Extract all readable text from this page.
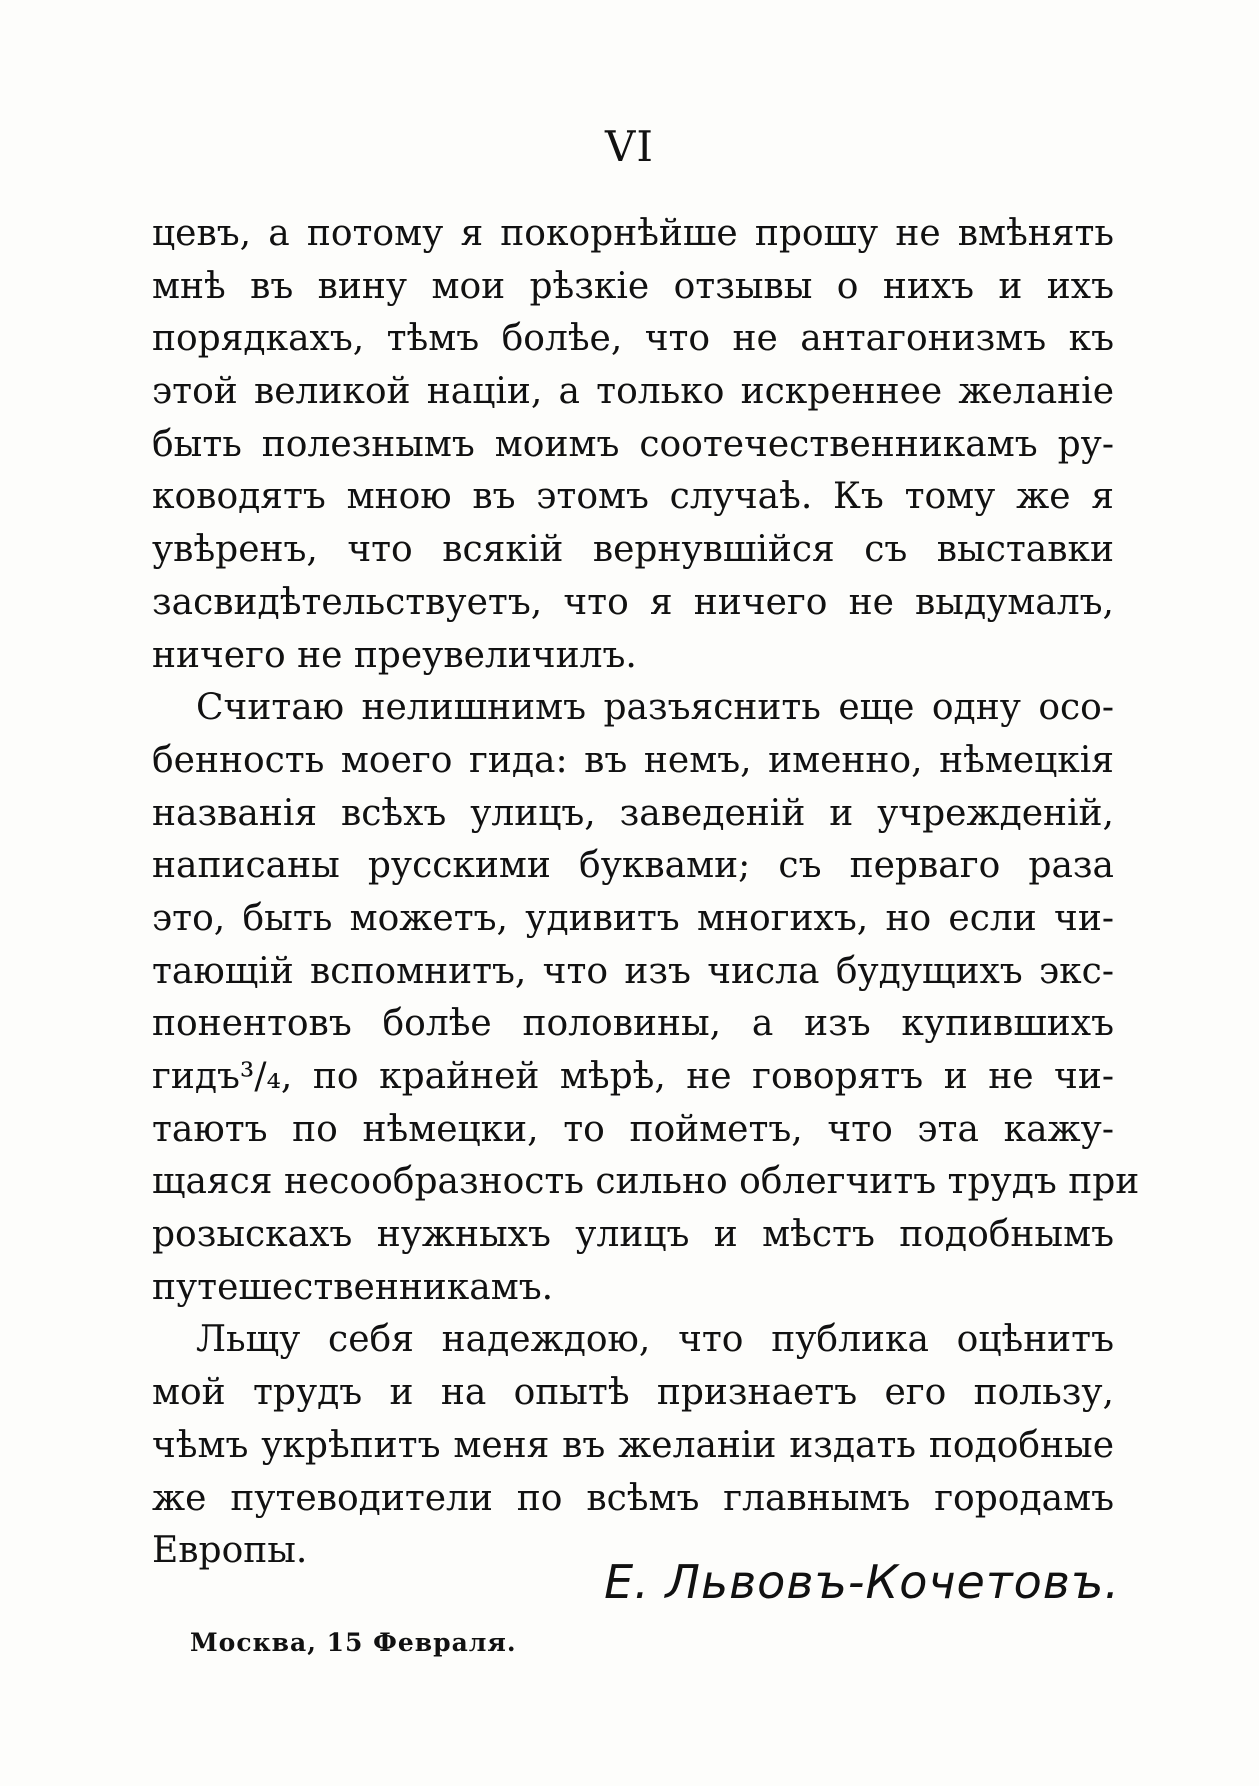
VI
цевъ, а потому я покорнѣйше прошу не вмѣнять
мнѣ въ вину мои рѣзкіе отзывы о нихъ и ихъ
порядкахъ, тѣмъ болѣе, что не антагонизмъ къ
этой великой націи, а только искреннее желаніе
быть полезнымъ моимъ соотечественникамъ ру-
ководятъ мною въ этомъ случаѣ. Къ тому же я
увѣренъ, что всякій вернувшійся съ выставки
засвидѣтельствуетъ, что я ничего не выдумалъ,
ничего не преувеличилъ.
Считаю нелишнимъ разъяснить еще одну осо-
бенность моего гида: въ немъ, именно, нѣмецкія
названія всѣхъ улицъ, заведеній и учрежденій,
написаны русскими буквами; съ перваго раза
это, быть можетъ, удивитъ многихъ, но если чи-
тающій вспомнитъ, что изъ числа будущихъ экс-
понентовъ болѣе половины, а изъ купившихъ
гидъ³/₄, по крайней мѣрѣ, не говорятъ и не чи-
таютъ по нѣмецки, то пойметъ, что эта кажу-
щаяся несообразность сильно облегчитъ трудъ при
розыскахъ нужныхъ улицъ и мѣстъ подобнымъ
путешественникамъ.
Льщу себя надеждою, что публика оцѣнитъ
мой трудъ и на опытѣ признаетъ его пользу,
чѣмъ укрѣпитъ меня въ желаніи издать подобные
же путеводители по всѣмъ главнымъ городамъ
Европы.
Е. Львовъ-Кочетовъ.
Москва, 15 Февраля.
